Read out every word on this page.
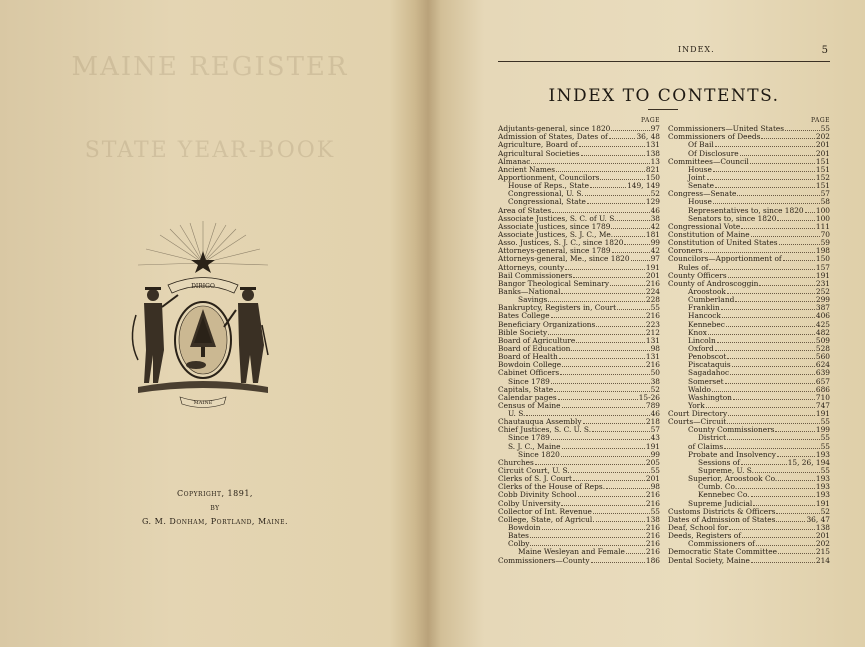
MAINE REGISTER
STATE YEAR-BOOK
DIRIGO
MAINE
Copyright, 1891,
by
G. M. Donham, Portland, Maine.
INDEX.	5
INDEX TO CONTENTS.
PAGE
Adjutants-general, since 1820	97
Admission of States, Dates of	36, 48
Agriculture, Board of	131
Agricultural Societies	138
Almanac	13
Ancient Names	821
Apportionment, Councilors	150
House of Reps., State	149, 149
Congressional, U. S.	52
Congressional, State	129
Area of States	46
Associate Justices, S. C. of U. S.	38
Associate Justices, since 1789	42
Associate Justices, S. J. C., Me.	181
Asso. Justices, S. J. C., since 1820	99
Attorneys-general, since 1789	42
Attorneys-general, Me., since 1820	97
Attorneys, county	191
Bail Commissioners	201
Bangor Theological Seminary	216
Banks—National	224
Savings	228
Bankruptcy, Registers in, Court	55
Bates College	216
Beneficiary Organizations	223
Bible Society	212
Board of Agriculture	131
Board of Education	98
Board of Health	131
Bowdoin College	216
Cabinet Officers	50
Since 1789	38
Capitals, State	52
Calendar pages	15-26
Census of Maine	789
U. S.	46
Chautauqua Assembly	218
Chief Justices, S. C. U. S.	57
Since 1789	43
S. J. C., Maine	191
Since 1820	99
Churches	205
Circuit Court, U. S.	55
Clerks of S. J. Court	201
Clerks of the House of Reps.	98
Cobb Divinity School	216
Colby University	216
Collector of Int. Revenue	55
College, State, of Agricul.	138
Bowdoin	216
Bates	216
Colby	216
Maine Wesleyan and Female	216
Commissioners—County	186
PAGE
Commissioners—United States	55
Commissioners of Deeds	202
Of Bail	201
Of Disclosure	201
Committees—Council	151
House	151
Joint	152
Senate	151
Congress—Senate	57
House	58
Representatives to, since 1820 100
Senators to, since 1820	100
Congressional Vote	111
Constitution of Maine	70
Constitution of United States	59
Coroners	198
Councilors—Apportionment of	150
Rules of	157
County Officers	191
County of Androscoggin	231
Aroostook	252
Cumberland	299
Franklin	387
Hancock	406
Kennebec	425
Knox	482
Lincoln	509
Oxford	528
Penobscot	560
Piscataquis	624
Sagadahoc	639
Somerset	657
Waldo	686
Washington	710
York	747
Court Directory	191
Courts—Circuit	55
County Commissioners	199
District	55
of Claims	55
Probate and Insolvency	193
Sessions of	15, 26, 194
Supreme, U. S.	55
Superior, Aroostook Co.	193
Cumb. Co.	193
Kennebec Co.	193
Supreme Judicial	191
Customs Districts & Officers	52
Dates of Admission of States	36, 47
Deaf, School for	138
Deeds, Registers of	201
Commissioners of	202
Democratic State Committee	215
Dental Society, Maine	214
